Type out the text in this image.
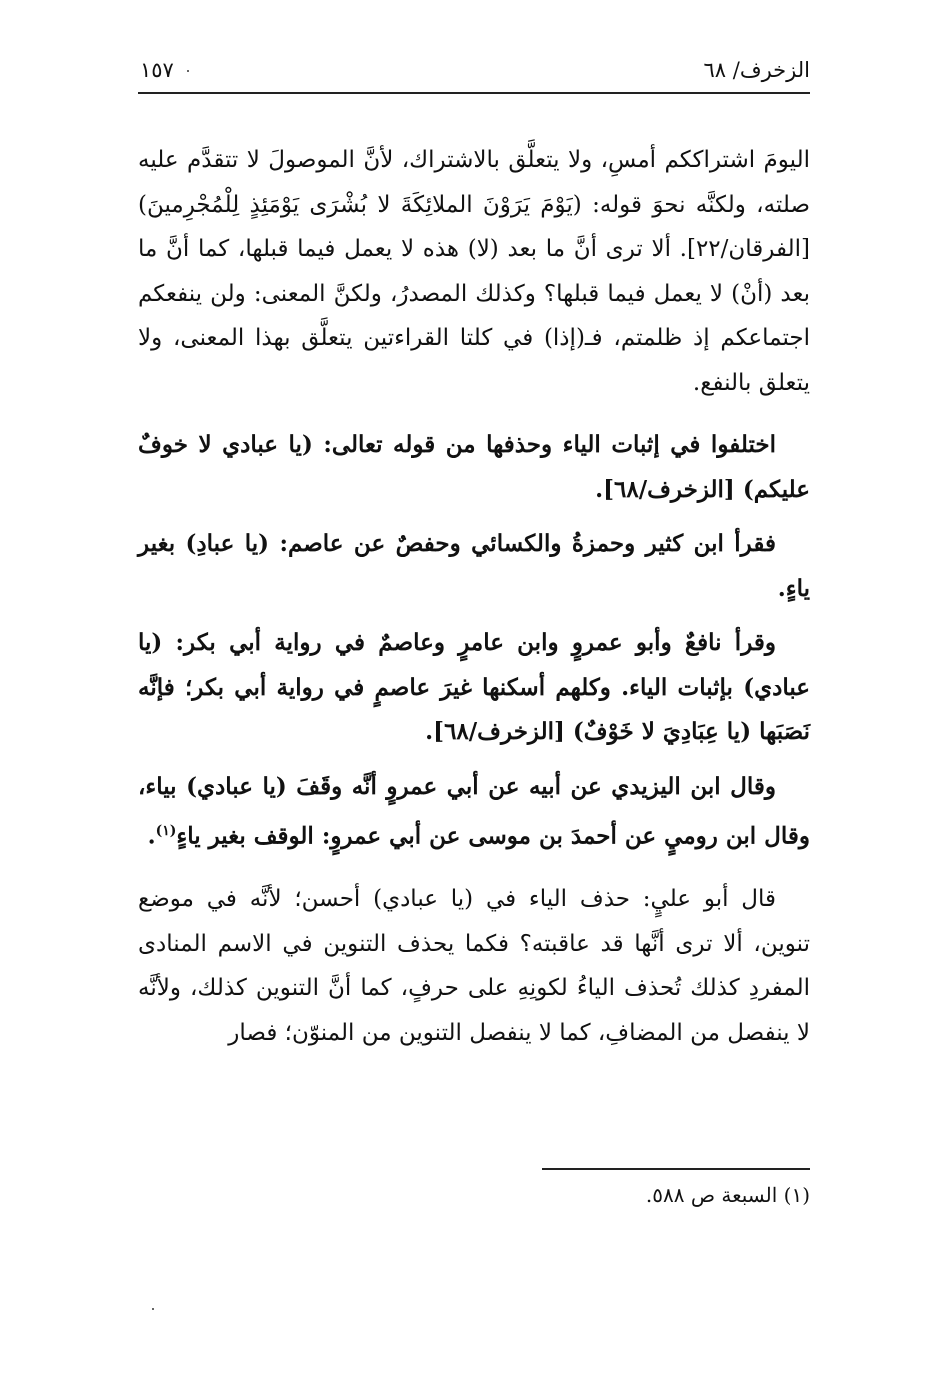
الزخرف/ ٦٨
١٥٧

اليومَ اشتراككم أمسِ، ولا يتعلَّق بالاشتراك، لأنَّ الموصولَ لا تتقدَّم عليه صلته، ولكنَّه نحوَ قوله: (يَوْمَ يَرَوْنَ الملائِكَةَ لا بُشْرَى يَوْمَئِذٍ لِلْمُجْرِمينَ) [الفرقان/٢٢]. ألا ترى أنَّ ما بعد (لا) هذه لا يعمل فيما قبلها، كما أنَّ ما بعد (أنْ) لا يعمل فيما قبلها؟ وكذلك المصدرُ، ولكنَّ المعنى: ولن ينفعكم اجتماعكم إذ ظلمتم، فـ(إذا) في كلتا القراءتين يتعلَّق بهذا المعنى، ولا يتعلق بالنفع.

اختلفوا في إثبات الياء وحذفها من قوله تعالى: (يا عبادي لا خوفٌ عليكم) [الزخرف/٦٨].

فقرأ ابن كثير وحمزةُ والكسائي وحفصٌ عن عاصم: (يا عبادِ) بغير ياءٍ.

وقرأ نافعٌ وأبو عمروٍ وابن عامرٍ وعاصمٌ في رواية أبي بكر: (يا عبادي) بإثبات الياء. وكلهم أسكنها غيرَ عاصمٍ في رواية أبي بكر؛ فإنَّه نَصَبَها (يا عِبَادِيَ لا خَوْفٌ) [الزخرف/٦٨].

وقال ابن اليزيدي عن أبيه عن أبي عمروٍ أنَّه وقَفَ (يا عبادي) بياء، وقال ابن روميٍ عن أحمدَ بن موسى عن أبي عمروٍ: الوقف بغير ياءٍ$^{(١)}$.

قال أبو عليٍ: حذف الياء في (يا عبادي) أحسن؛ لأنَّه في موضع تنوين، ألا ترى أنَّها قد عاقبته؟ فكما يحذف التنوين في الاسم المنادى المفردِ كذلك تُحذف الياءُ لكونِهِ على حرفٍ، كما أنَّ التنوين كذلك، ولأنَّه لا ينفصل من المضافِ، كما لا ينفصل التنوين من المنوّن؛ فصار

(١) السبعة ص ٥٨٨.
